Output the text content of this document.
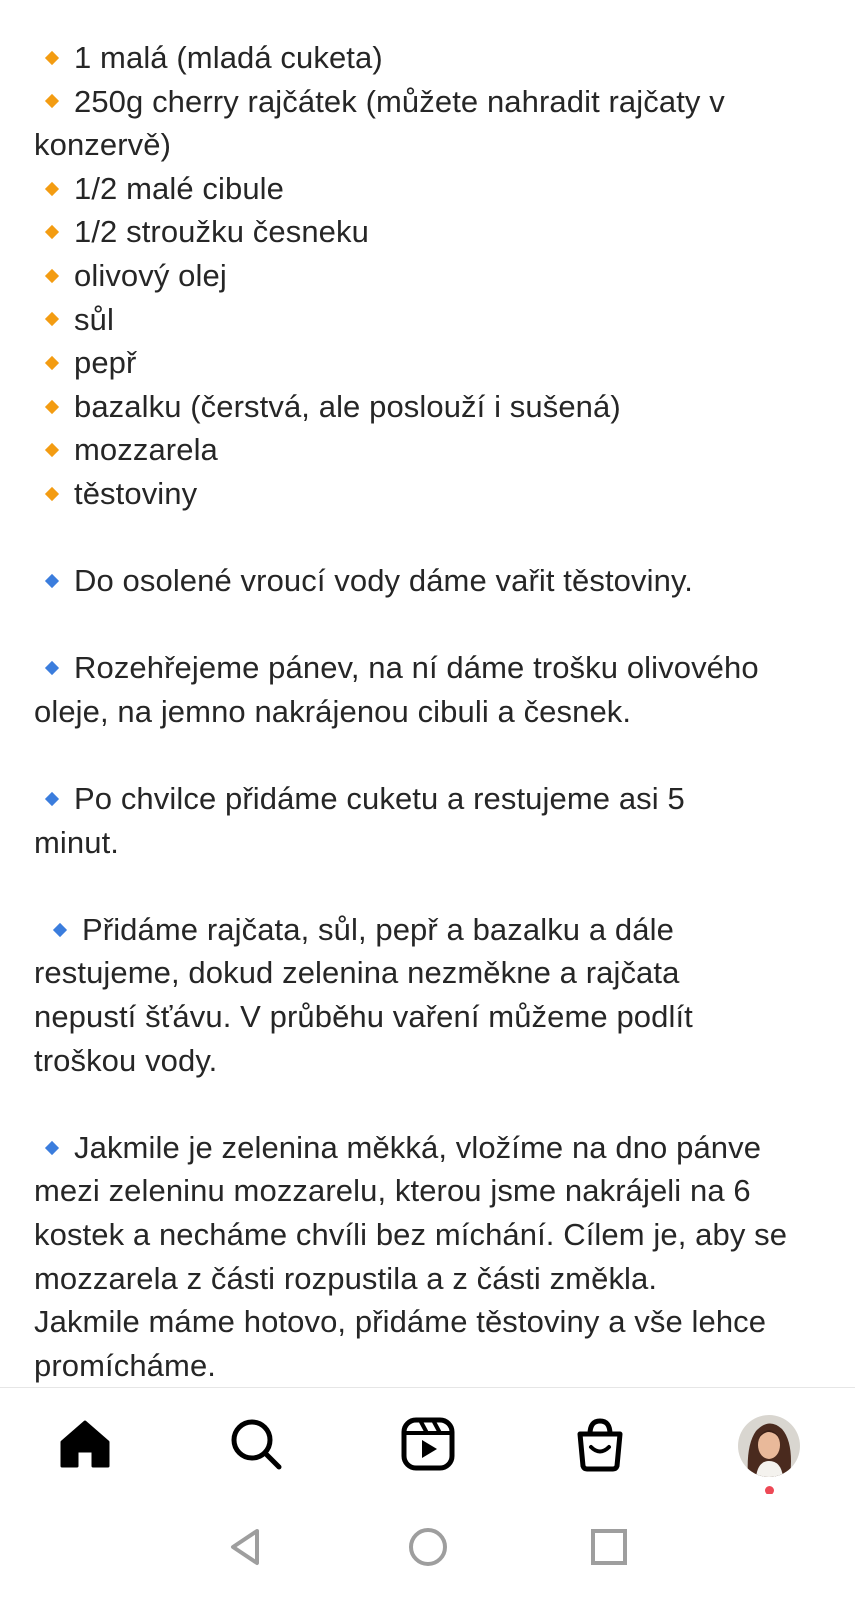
1 malá (mladá cuketa)
250g cherry rajčátek (můžete nahradit rajčaty v
konzervě)
1/2 malé cibule
1/2 stroužku česneku
olivový olej
sůl
pepř
bazalku (čerstvá, ale poslouží i sušená)
mozzarela
těstoviny
Do osolené vroucí vody dáme vařit těstoviny.
Rozehřejeme pánev, na ní dáme trošku olivového
oleje, na jemno nakrájenou cibuli a česnek.
Po chvilce přidáme cuketu a restujeme asi 5
minut.
Přidáme rajčata, sůl, pepř a bazalku a dále
restujeme, dokud zelenina nezměkne a rajčata
nepustí šťávu. V průběhu vaření můžeme podlít
troškou vody.
Jakmile je zelenina měkká, vložíme na dno pánve
mezi zeleninu mozzarelu, kterou jsme nakrájeli na 6
kostek a necháme chvíli bez míchání. Cílem je, aby se
mozzarela z části rozpustila a z části změkla.
Jakmile máme hotovo, přidáme těstoviny a vše lehce
promícháme.
